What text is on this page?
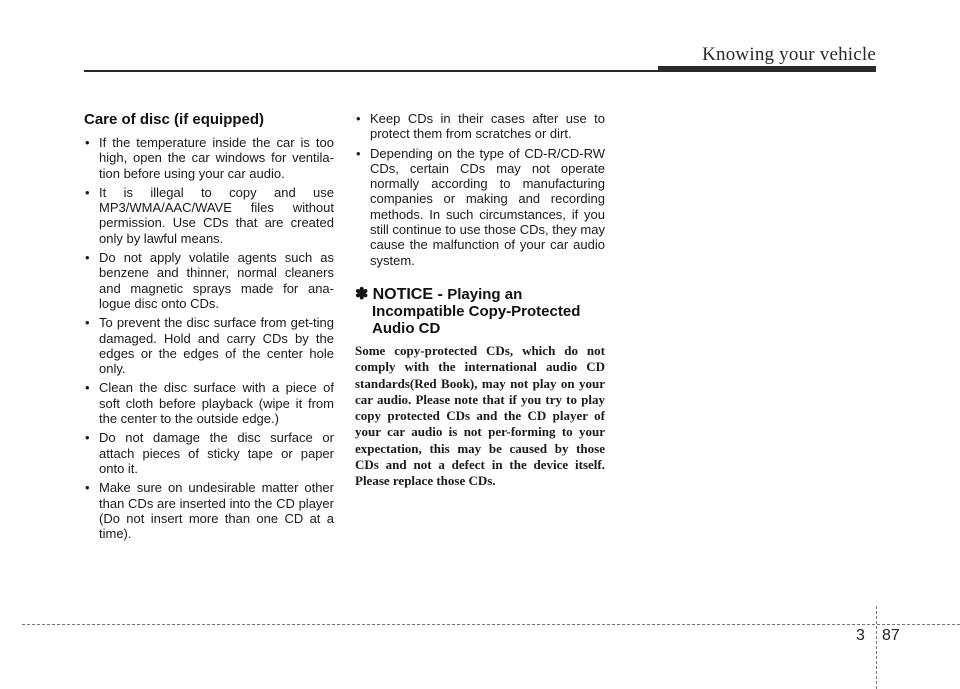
Knowing your vehicle
Care of disc (if equipped)
• If the temperature inside the car is too high, open the car windows for ventila-tion before using your car audio.
• It is illegal to copy and use MP3/WMA/AAC/WAVE files without permission. Use CDs that are created only by lawful means.
• Do not apply volatile agents such as benzene and thinner, normal cleaners and magnetic sprays made for ana-logue disc onto CDs.
• To prevent the disc surface from get-ting damaged. Hold and carry CDs by the edges or the edges of the center hole only.
• Clean the disc surface with a piece of soft cloth before playback (wipe it from the center to the outside edge.)
• Do not damage the disc surface or attach pieces of sticky tape or paper onto it.
• Make sure on undesirable matter other than CDs are inserted into the CD player (Do not insert more than one CD at a time).
• Keep CDs in their cases after use to protect them from scratches or dirt.
• Depending on the type of CD-R/CD-RW CDs, certain CDs may not operate normally according to manufacturing companies or making and recording methods. In such circumstances, if you still continue to use those CDs, they may cause the malfunction of your car audio system.
✽ NOTICE - Playing an
Incompatible Copy-Protected
Audio CD

Some copy-protected CDs, which do not comply with the international audio CD standards(Red Book), may not play on your car audio. Please note that if you try to play copy protected CDs and the CD player of your car audio is not per-forming to your expectation, this may be caused by those CDs and not a defect in the device itself. Please replace those CDs.

3 87
